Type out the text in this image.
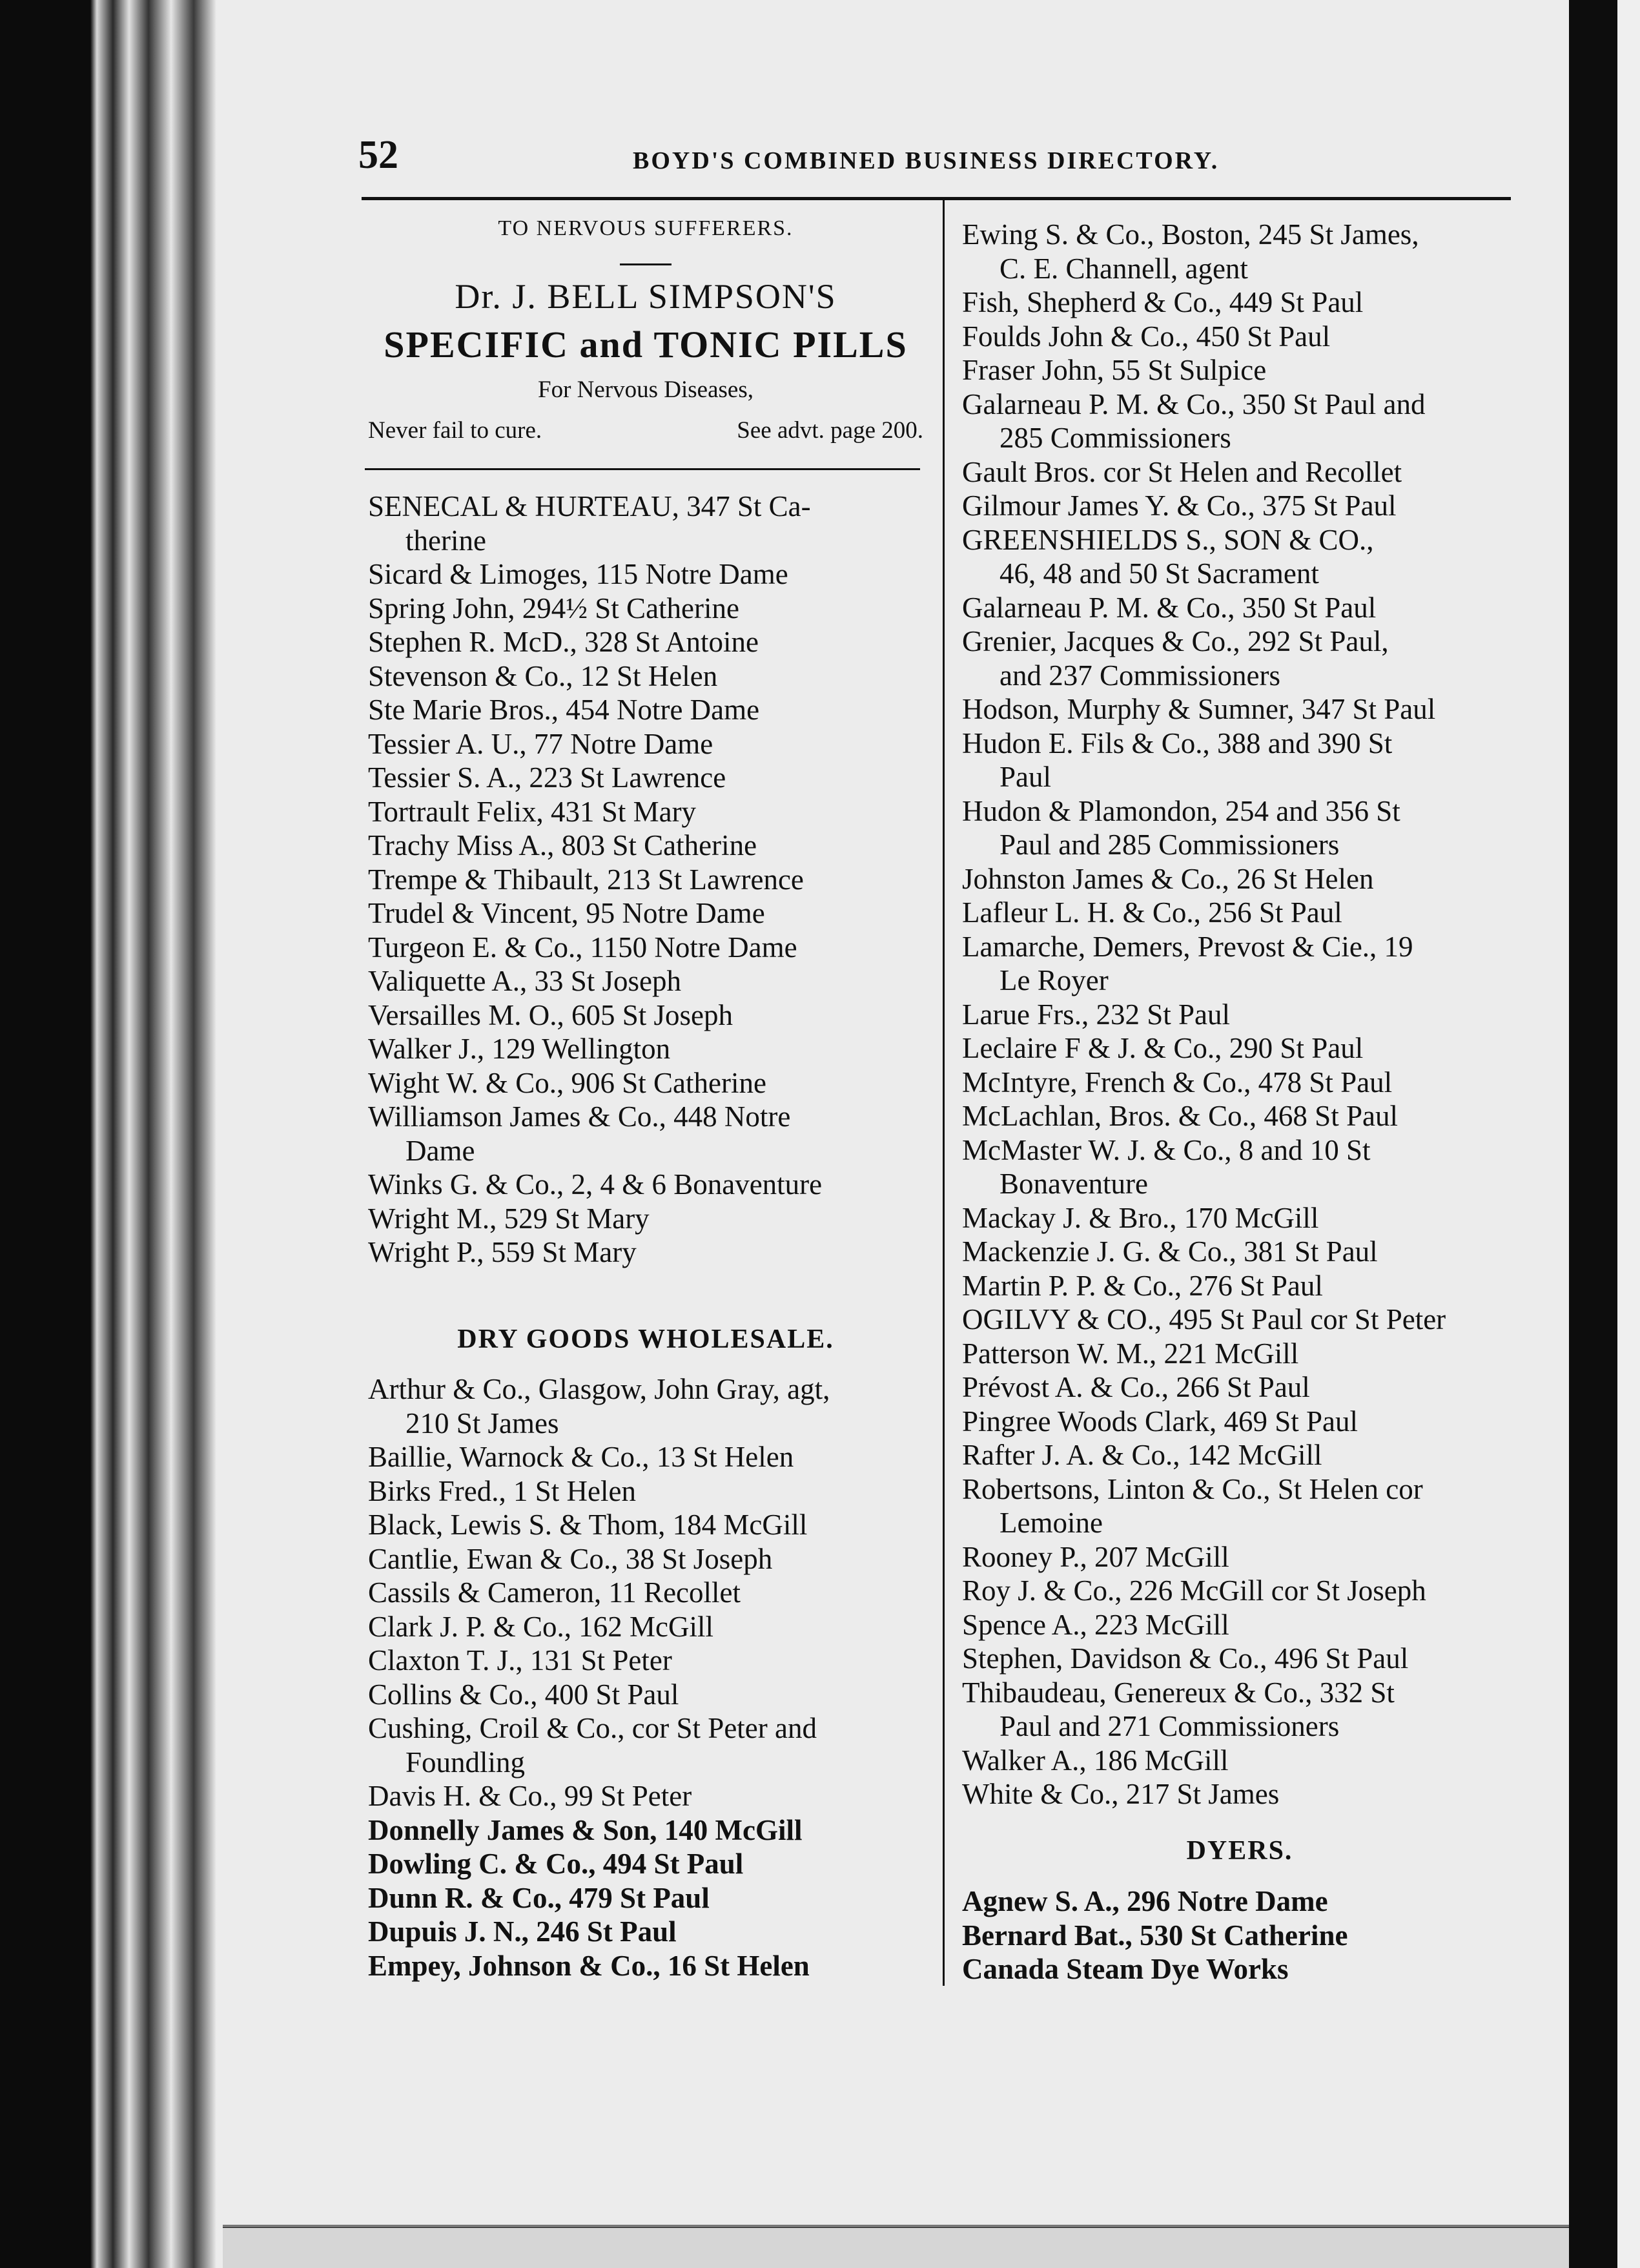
52	BOYD'S COMBINED BUSINESS DIRECTORY.
TO NERVOUS SUFFERERS.
Dr. J. BELL SIMPSON'S
SPECIFIC and TONIC PILLS
For Nervous Diseases,
Never fail to cure.	See advt. page 200.
SENECAL & HURTEAU, 347 St Ca-
therine
Sicard & Limoges, 115 Notre Dame
Spring John, 294½ St Catherine
Stephen R. McD., 328 St Antoine
Stevenson & Co., 12 St Helen
Ste Marie Bros., 454 Notre Dame
Tessier A. U., 77 Notre Dame
Tessier S. A., 223 St Lawrence
Tortrault Felix, 431 St Mary
Trachy Miss A., 803 St Catherine
Trempe & Thibault, 213 St Lawrence
Trudel & Vincent, 95 Notre Dame
Turgeon E. & Co., 1150 Notre Dame
Valiquette A., 33 St Joseph
Versailles M. O., 605 St Joseph
Walker J., 129 Wellington
Wight W. & Co., 906 St Catherine
Williamson James & Co., 448 Notre
Dame
Winks G. & Co., 2, 4 & 6 Bonaventure
Wright M., 529 St Mary
Wright P., 559 St Mary
DRY GOODS WHOLESALE.
Arthur & Co., Glasgow, John Gray, agt,
210 St James
Baillie, Warnock & Co., 13 St Helen
Birks Fred., 1 St Helen
Black, Lewis S. & Thom, 184 McGill
Cantlie, Ewan & Co., 38 St Joseph
Cassils & Cameron, 11 Recollet
Clark J. P. & Co., 162 McGill
Claxton T. J., 131 St Peter
Collins & Co., 400 St Paul
Cushing, Croil & Co., cor St Peter and
Foundling
Davis H. & Co., 99 St Peter
Donnelly James & Son, 140 McGill
Dowling C. & Co., 494 St Paul
Dunn R. & Co., 479 St Paul
Dupuis J. N., 246 St Paul
Empey, Johnson & Co., 16 St Helen
Ewing S. & Co., Boston, 245 St James,
C. E. Channell, agent
Fish, Shepherd & Co., 449 St Paul
Foulds John & Co., 450 St Paul
Fraser John, 55 St Sulpice
Galarneau P. M. & Co., 350 St Paul and
285 Commissioners
Gault Bros. cor St Helen and Recollet
Gilmour James Y. & Co., 375 St Paul
GREENSHIELDS S., SON & CO.,
46, 48 and 50 St Sacrament
Galarneau P. M. & Co., 350 St Paul
Grenier, Jacques & Co., 292 St Paul,
and 237 Commissioners
Hodson, Murphy & Sumner, 347 St Paul
Hudon E. Fils & Co., 388 and 390 St
Paul
Hudon & Plamondon, 254 and 356 St
Paul and 285 Commissioners
Johnston James & Co., 26 St Helen
Lafleur L. H. & Co., 256 St Paul
Lamarche, Demers, Prevost & Cie., 19
Le Royer
Larue Frs., 232 St Paul
Leclaire F & J. & Co., 290 St Paul
McIntyre, French & Co., 478 St Paul
McLachlan, Bros. & Co., 468 St Paul
McMaster W. J. & Co., 8 and 10 St
Bonaventure
Mackay J. & Bro., 170 McGill
Mackenzie J. G. & Co., 381 St Paul
Martin P. P. & Co., 276 St Paul
OGILVY & CO., 495 St Paul cor St Peter
Patterson W. M., 221 McGill
Prévost A. & Co., 266 St Paul
Pingree Woods Clark, 469 St Paul
Rafter J. A. & Co., 142 McGill
Robertsons, Linton & Co., St Helen cor
Lemoine
Rooney P., 207 McGill
Roy J. & Co., 226 McGill cor St Joseph
Spence A., 223 McGill
Stephen, Davidson & Co., 496 St Paul
Thibaudeau, Genereux & Co., 332 St
Paul and 271 Commissioners
Walker A., 186 McGill
White & Co., 217 St James
DYERS.
Agnew S. A., 296 Notre Dame
Bernard Bat., 530 St Catherine
Canada Steam Dye Works
